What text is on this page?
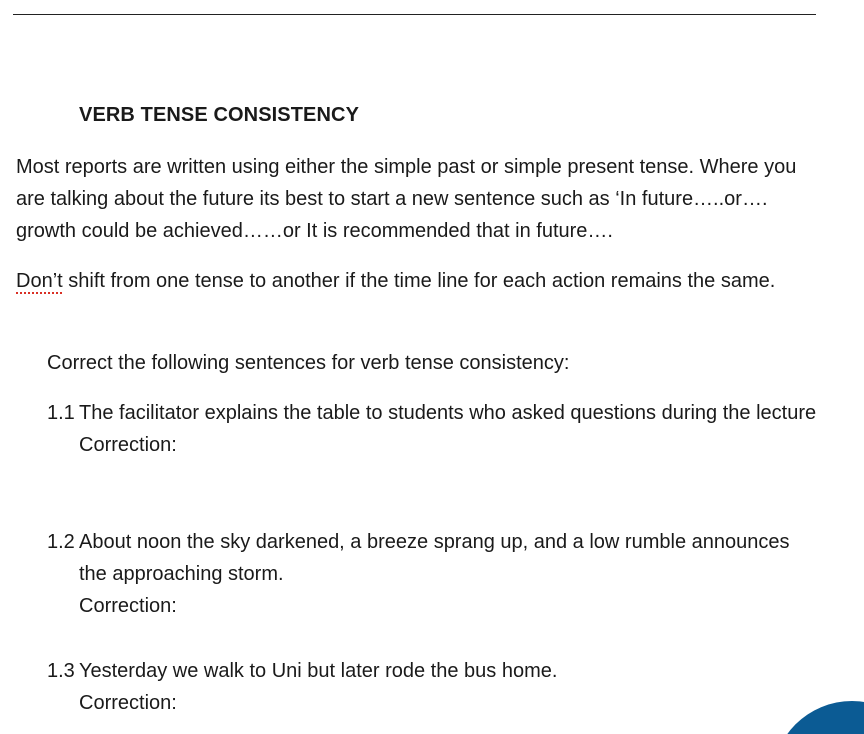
VERB TENSE CONSISTENCY
Most reports are written using either the simple past or simple present tense. Where you are talking about the future its best to start a new sentence such as ‘In future…..or…. growth could be achieved……or It is recommended that in future….
Don’t shift from one tense to another if the time line for each action remains the same.
Correct the following sentences for verb tense consistency:
1.1 The facilitator explains the table to students who asked questions during the lecture
Correction:
1.2 About noon the sky darkened, a breeze sprang up, and a low rumble announces the approaching storm.
Correction:
1.3 Yesterday we walk to Uni but later rode the bus home.
Correction:
